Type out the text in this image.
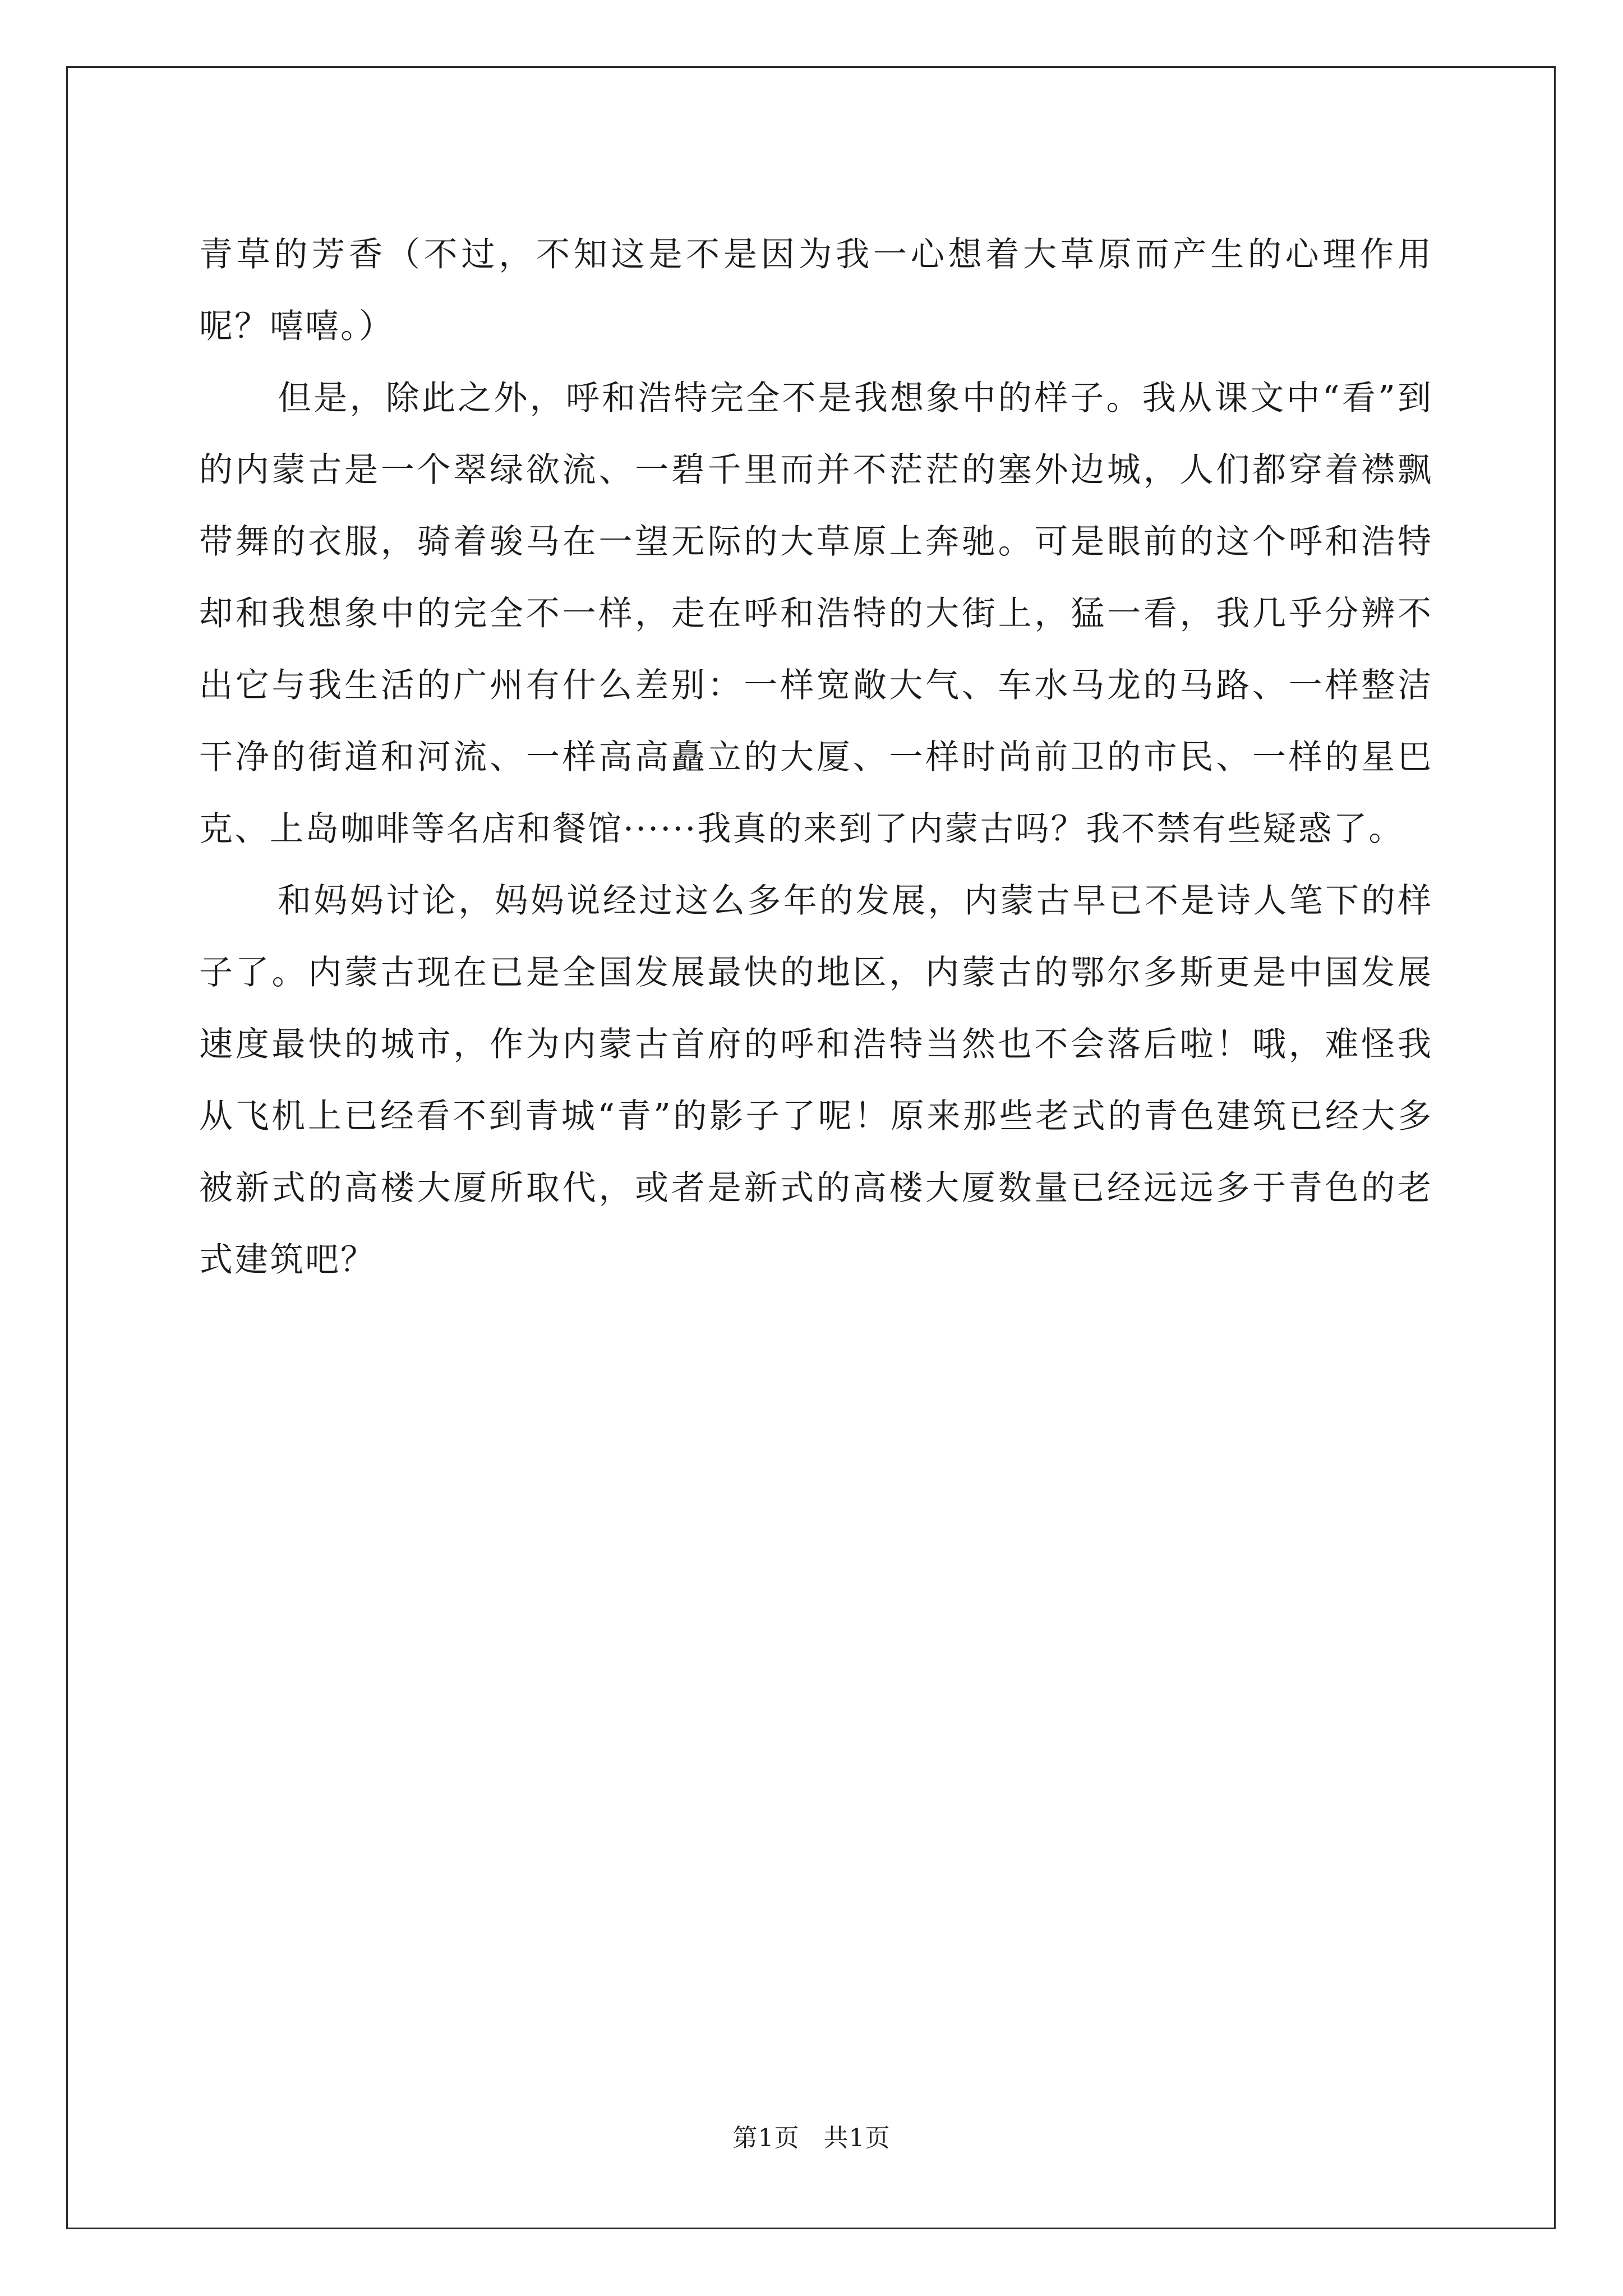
青草的芳香（不过，不知这是不是因为我一心想着大草原而产生的心理作用呢？嘻嘻。）

但是，除此之外，呼和浩特完全不是我想象中的样子。我从课文中“看”到的内蒙古是一个翠绿欲流、一碧千里而并不茫茫的塞外边城，人们都穿着襟飘带舞的衣服，骑着骏马在一望无际的大草原上奔驰。可是眼前的这个呼和浩特却和我想象中的完全不一样，走在呼和浩特的大街上，猛一看，我几乎分辨不出它与我生活的广州有什么差别：一样宽敞大气、车水马龙的马路、一样整洁干净的街道和河流、一样高高矗立的大厦、一样时尚前卫的市民、一样的星巴克、上岛咖啡等名店和餐馆······我真的来到了内蒙古吗？我不禁有些疑惑了。

和妈妈讨论，妈妈说经过这么多年的发展，内蒙古早已不是诗人笔下的样子了。内蒙古现在已是全国发展最快的地区，内蒙古的鄂尔多斯更是中国发展速度最快的城市，作为内蒙古首府的呼和浩特当然也不会落后啦！哦，难怪我从飞机上已经看不到青城“青”的影子了呢！原来那些老式的青色建筑已经大多被新式的高楼大厦所取代，或者是新式的高楼大厦数量已经远远多于青色的老式建筑吧？

第1页 共1页
